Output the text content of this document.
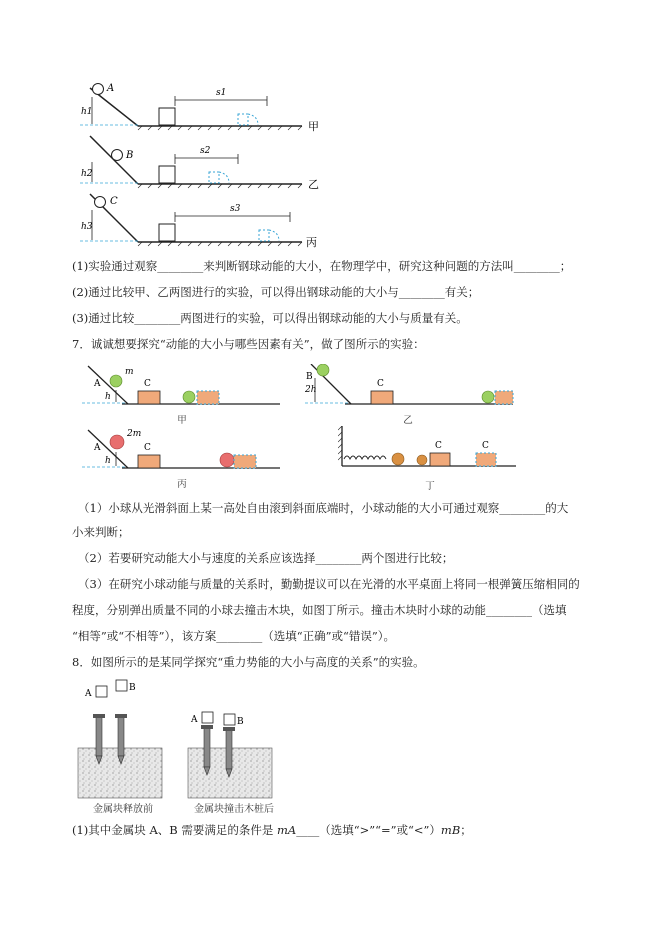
A
h1
s1
甲
B
h2
s2
乙
C
h3
s3
丙
(1)实验通过观察________来判断钢球动能的大小，在物理学中，研究这种问题的方法叫________；
(2)通过比较甲、乙两图进行的实验，可以得出钢球动能的大小与________有关；
(3)通过比较________两图进行的实验，可以得出钢球动能的大小与质量有关。
7．诚诚想要探究“动能的大小与哪些因素有关”，做了图所示的实验：
A
h
m
C
甲
B
2h
C
乙
A
h
2m
C
丙
C	C
丁
（1）小球从光滑斜面上某一高处自由滚到斜面底端时，小球动能的大小可通过观察________的大
小来判断；
（2）若要研究动能大小与速度的关系应该选择________两个图进行比较；
（3）在研究小球动能与质量的关系时，勤勤提议可以在光滑的水平桌面上将同一根弹簧压缩相同的
程度，分别弹出质量不同的小球去撞击木块，如图丁所示。撞击木块时小球的动能________（选填
“相等”或“不相等”），该方案________（选填“正确”或“错误”）。
8．如图所示的是某同学探究“重力势能的大小与高度的关系”的实验。
A
B
A	B
金属块释放前	金属块撞击木桩后
(1)其中金属块 A、B 需要满足的条件是 mA____（选填“>”“=”或“<”）mB；
